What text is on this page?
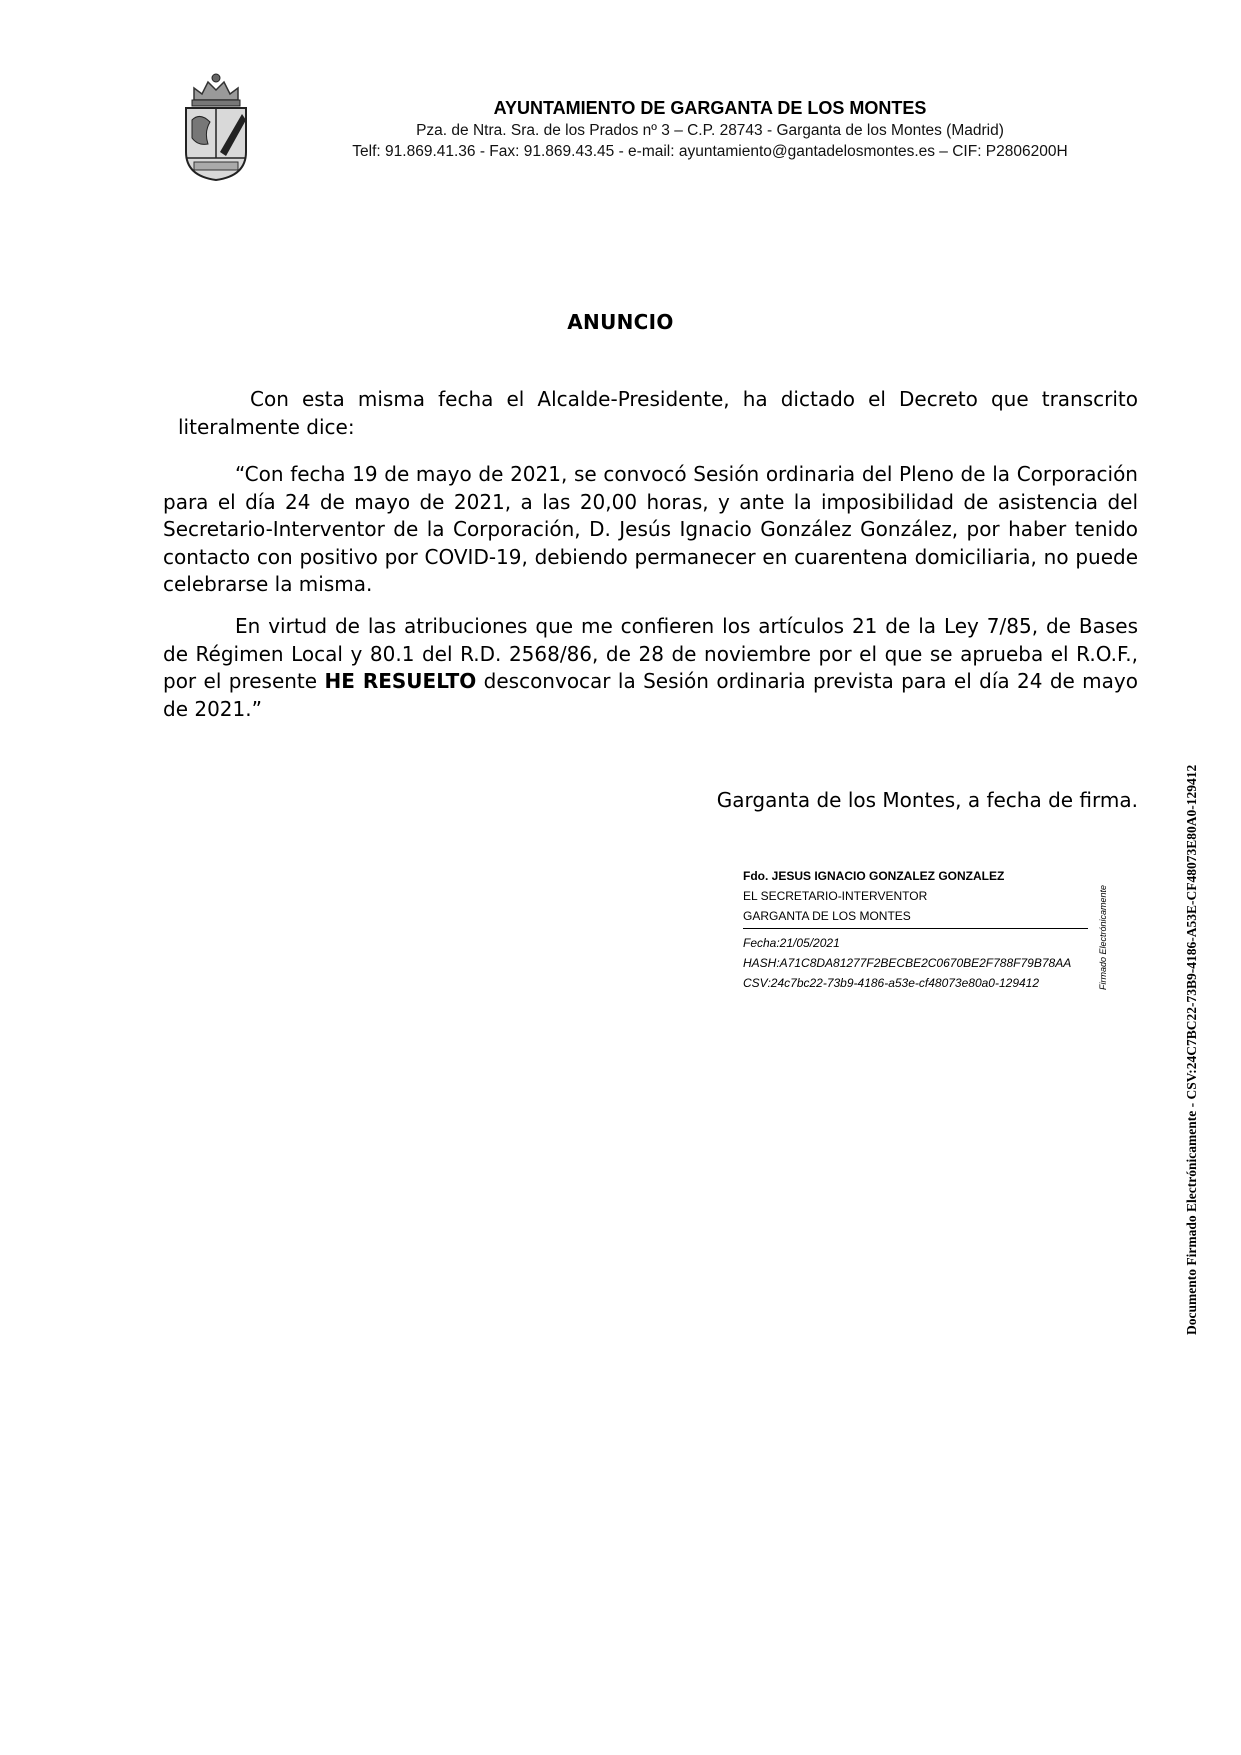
AYUNTAMIENTO DE GARGANTA DE LOS MONTES
Pza. de Ntra. Sra. de los Prados nº 3 – C.P. 28743 - Garganta de los Montes (Madrid)
Telf: 91.869.41.36 - Fax: 91.869.43.45 - e-mail: ayuntamiento@gantadelosmontes.es – CIF: P2806200H
ANUNCIO

Con esta misma fecha el Alcalde-Presidente, ha dictado el Decreto que transcrito literalmente dice:

“Con fecha 19 de mayo de 2021, se convocó Sesión ordinaria del Pleno de la Corporación para el día 24 de mayo de 2021, a las 20,00 horas, y ante la imposibilidad de asistencia del Secretario-Interventor de la Corporación, D. Jesús Ignacio González González, por haber tenido contacto con positivo por COVID-19, debiendo permanecer en cuarentena domiciliaria, no puede celebrarse la misma.

En virtud de las atribuciones que me confieren los artículos 21 de la Ley 7/85, de Bases de Régimen Local y 80.1 del R.D. 2568/86, de 28 de noviembre por el que se aprueba el R.O.F., por el presente HE RESUELTO desconvocar la Sesión ordinaria prevista para el día 24 de mayo de 2021.”

Garganta de los Montes, a fecha de firma.
Fdo. JESUS IGNACIO GONZALEZ GONZALEZ
EL SECRETARIO-INTERVENTOR
GARGANTA DE LOS MONTES
Fecha:21/05/2021
HASH:A71C8DA81277F2BECBE2C0670BE2F788F79B78AA
CSV:24c7bc22-73b9-4186-a53e-cf48073e80a0-129412	Firmado Electrónicamente	Documento Firmado Electrónicamente - CSV:24C7BC22-73B9-4186-A53E-CF48073E80A0-129412
